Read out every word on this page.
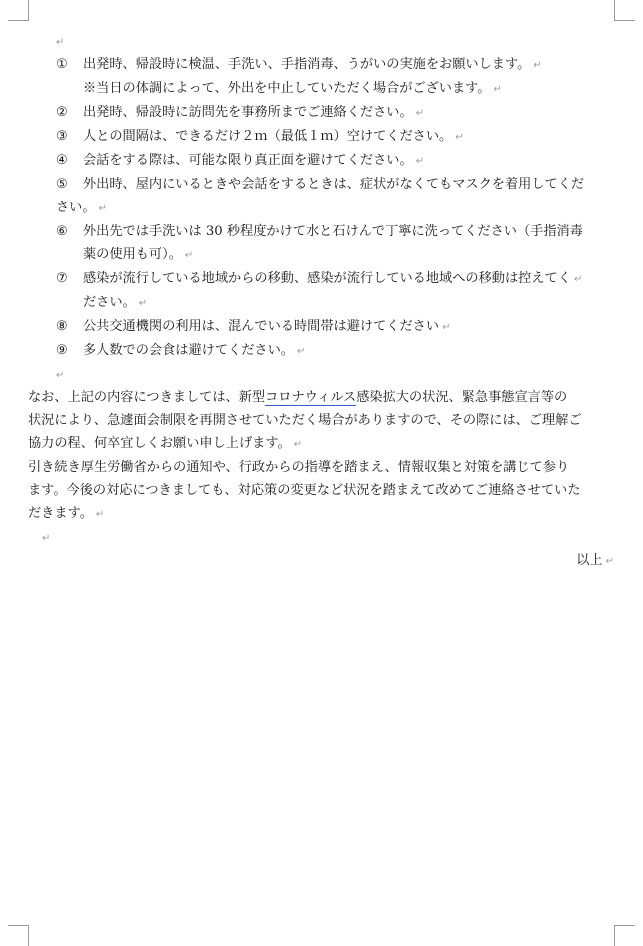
↵
①	出発時、帰設時に検温、手洗い、手指消毒、うがいの実施をお願いします。 ↵
※当日の体調によって、外出を中止していただく場合がございます。 ↵
②	出発時、帰設時に訪問先を事務所までご連絡ください。 ↵
③	人との間隔は、できるだけ２ｍ（最低１ｍ）空けてください。 ↵
④	会話をする際は、可能な限り真正面を避けてください。 ↵
⑤	外出時、屋内にいるときや会話をするときは、症状がなくてもマスクを着用してくだ
さい。 ↵
⑥	外出先では手洗いは 30 秒程度かけて水と石けんで丁寧に洗ってください（手指消毒
薬の使用も可）。 ↵
⑦	感染が流行している地域からの移動、感染が流行している地域への移動は控えてく ↵
ださい。 ↵
⑧	公共交通機関の利用は、混んでいる時間帯は避けてください ↵
⑨	多人数での会食は避けてください。 ↵
↵
なお、上記の内容につきましては、新型コロナウィルス感染拡大の状況、緊急事態宣言等の
状況により、急遽面会制限を再開させていただく場合がありますので、その際には、ご理解ご
協力の程、何卒宜しくお願い申し上げます。 ↵
引き続き厚生労働省からの通知や、行政からの指導を踏まえ、情報収集と対策を講じて参り
ます。今後の対応につきましても、対応策の変更など状況を踏まえて改めてご連絡させていた
だきます。 ↵
↵
以上 ↵
